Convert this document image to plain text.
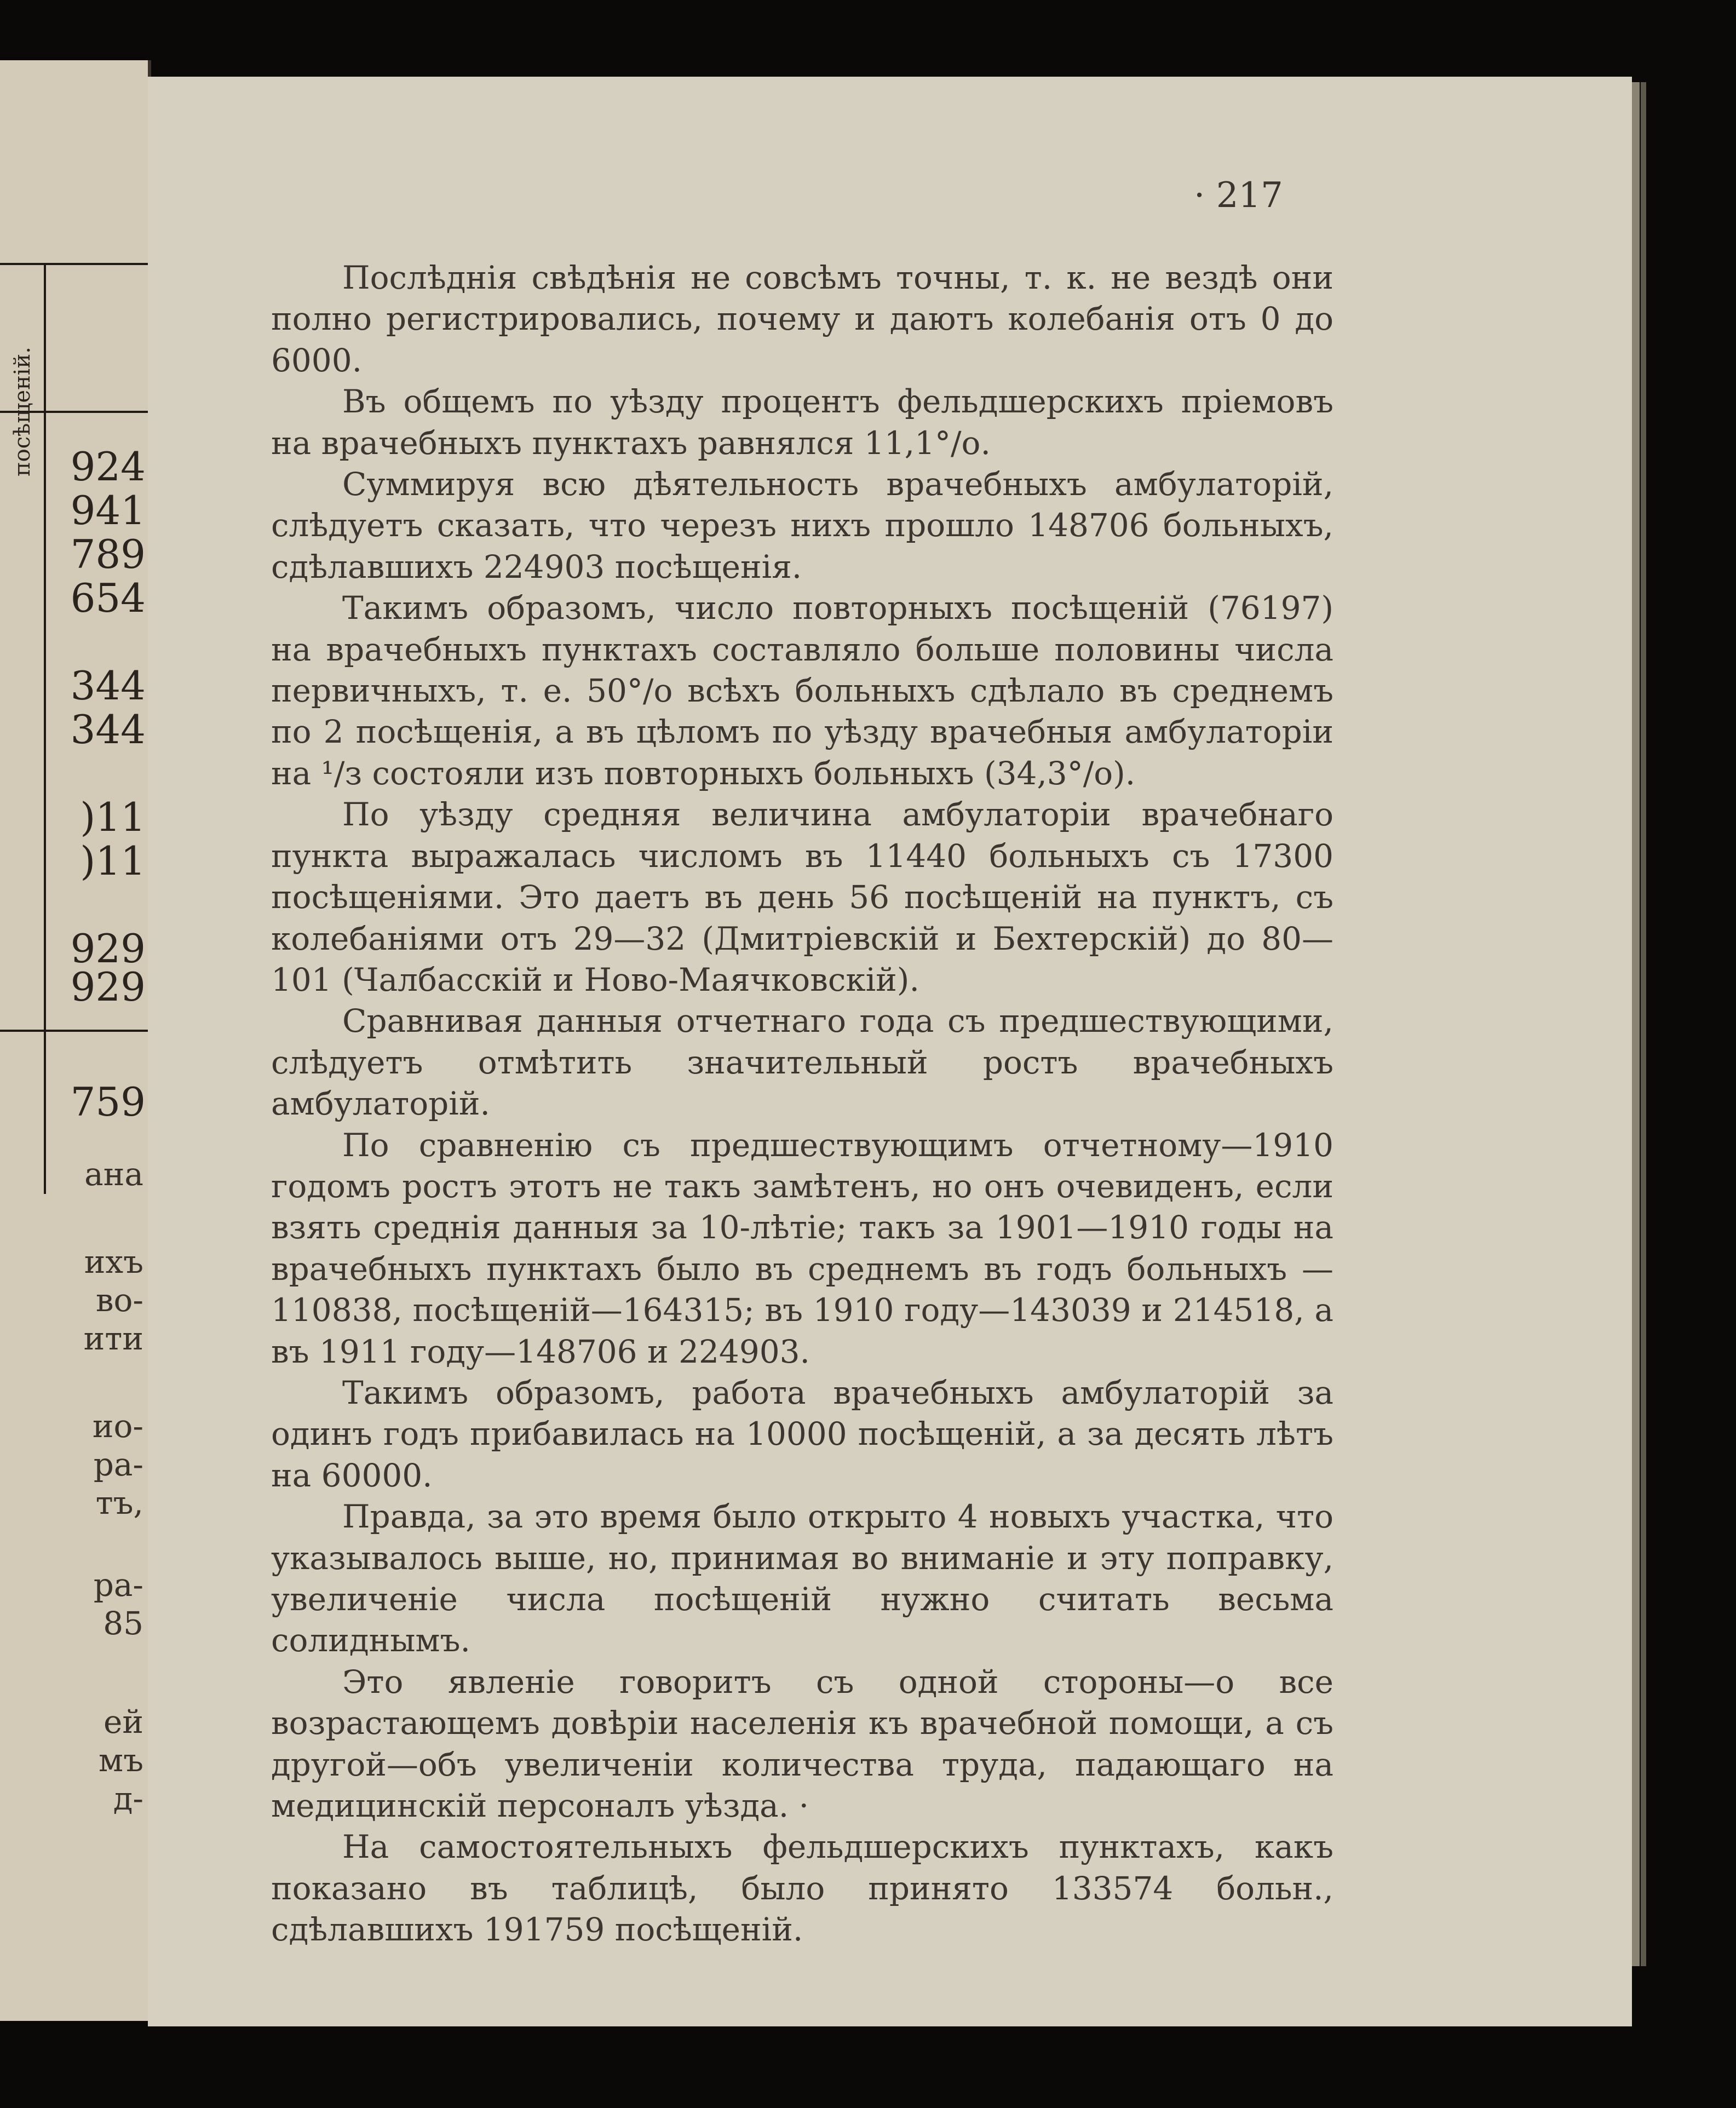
посѣщеній. 924
941
789
654
344
344
)11
)11
929
929
759
ана
ихъ
во-
ити
ио-
ра-
тъ,
ра-
85
ей
мъ
д-
· 217

Послѣднія свѣдѣнія не совсѣмъ точны, т. к. не вездѣ они полно регистрировались, почему и даютъ колебанія отъ 0 до 6000.

Въ общемъ по уѣзду процентъ фельдшерскихъ пріемовъ на врачебныхъ пунктахъ равнялся 11,1°/о.

Суммируя всю дѣятельность врачебныхъ амбулаторій, слѣдуетъ сказать, что черезъ нихъ прошло 148706 больныхъ, сдѣлавшихъ 224903 посѣщенія.

Такимъ образомъ, число повторныхъ посѣщеній (76197) на врачебныхъ пунктахъ составляло больше половины числа первичныхъ, т. е. 50°/о всѣхъ больныхъ сдѣлало въ среднемъ по 2 посѣщенія, а въ цѣломъ по уѣзду врачебныя амбулаторіи на ¹/з состояли изъ повторныхъ больныхъ (34,3°/о).

По уѣзду средняя величина амбулаторіи врачебнаго пункта выражалась числомъ въ 11440 больныхъ съ 17300 посѣщеніями. Это даетъ въ день 56 посѣщеній на пунктъ, съ колебаніями отъ 29—32 (Дмитріевскій и Бехтерскій) до 80—101 (Чалбасскій и Ново-Маячковскій).

Сравнивая данныя отчетнаго года съ предшествующими, слѣдуетъ отмѣтить значительный ростъ врачебныхъ амбулаторій.

По сравненію съ предшествующимъ отчетному—1910 годомъ ростъ этотъ не такъ замѣтенъ, но онъ очевиденъ, если взять среднія данныя за 10-лѣтіе; такъ за 1901—1910 годы на врачебныхъ пунктахъ было въ среднемъ въ годъ больныхъ —110838, посѣщеній—164315; въ 1910 году—143039 и 214518, а въ 1911 году—148706 и 224903.

Такимъ образомъ, работа врачебныхъ амбулаторій за одинъ годъ прибавилась на 10000 посѣщеній, а за десять лѣтъ на 60000.

Правда, за это время было открыто 4 новыхъ участка, что указывалось выше, но, принимая во вниманіе и эту поправку, увеличеніе числа посѣщеній нужно считать весьма солиднымъ.

Это явленіе говоритъ съ одной стороны—о все возрастающемъ довѣріи населенія къ врачебной помощи, а съ другой—объ увеличеніи количества труда, падающаго на медицинскій персоналъ уѣзда. ·

На самостоятельныхъ фельдшерскихъ пунктахъ, какъ показано въ таблицѣ, было принято 133574 больн., сдѣлавшихъ 191759 посѣщеній.
